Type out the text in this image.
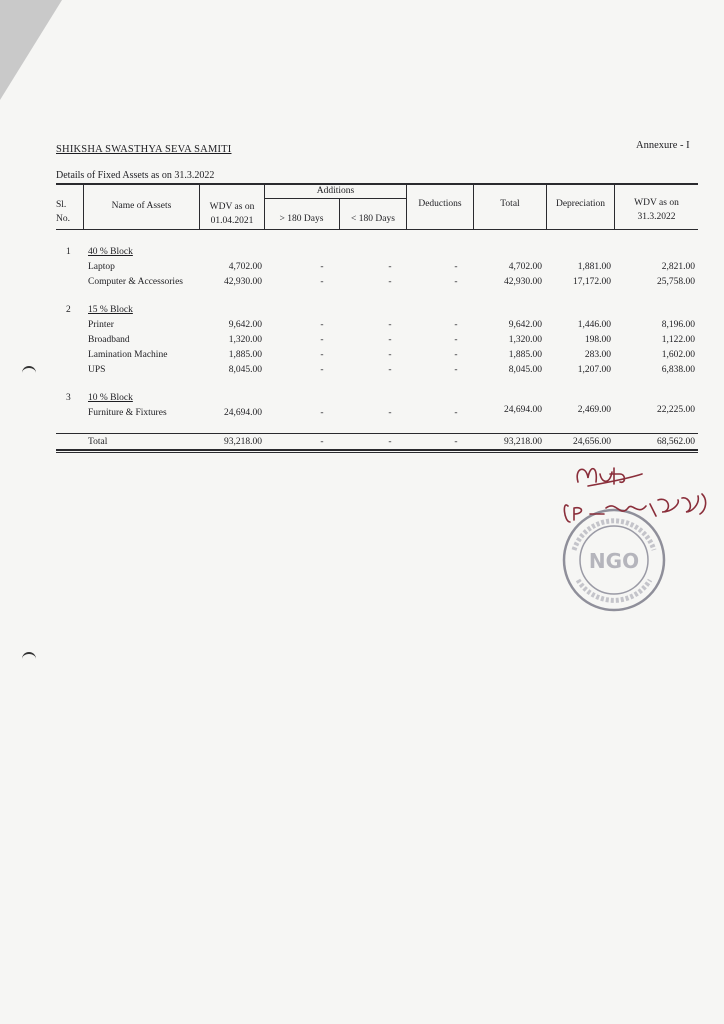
SHIKSHA SWASTHYA SEVA SAMITI	Annexure - I
Details of Fixed Assets as on 31.3.2022
Sl.
No.
Name of Assets	WDV as on
01.04.2021
Additions
> 180 Days	< 180 Days
Deductions	Total	Depreciation	WDV as on
31.3.2022
1 40 % Block
Laptop	4,702.00	-	-	-	4,702.00	1,881.00	2,821.00
Computer & Accessories	42,930.00	-	-	-	42,930.00	17,172.00	25,758.00
2 15 % Block
Printer	9,642.00	-	-	-	9,642.00	1,446.00	8,196.00
Broadband	1,320.00	-	-	-	1,320.00	198.00	1,122.00
Lamination Machine	1,885.00	-	-	-	1,885.00	283.00	1,602.00
UPS	8,045.00	-	-	-	8,045.00	1,207.00	6,838.00
3 10 % Block
Furniture & Fixtures	24,694.00	-	-	-	24,694.00	2,469.00	22,225.00
Total	93,218.00	-	-	-	93,218.00	24,656.00	68,562.00
NGO
